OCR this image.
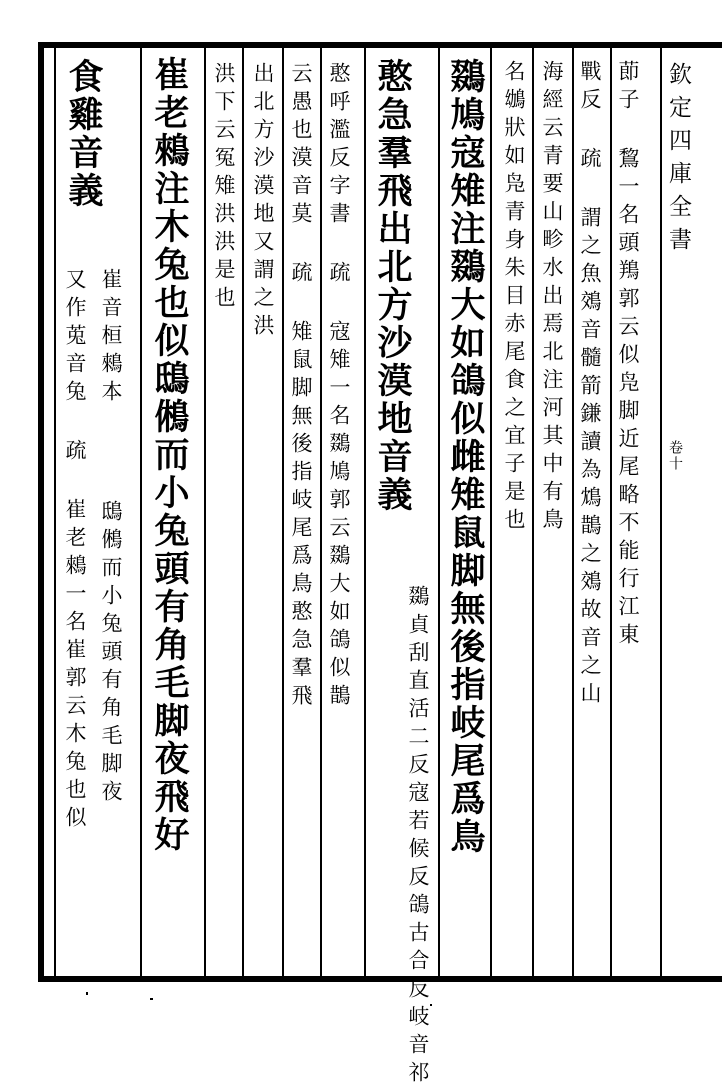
欽定四庫全書
卷十
莭子 鵹一名頭鴹郭云似凫脚近尾略不能行江東
戰反 疏 謂之魚鵁音髓箭鎌讀為鴆鵲之鵁故音之山
海經云青要山畛水出焉北注河其中有鳥
名鴢狀如凫青身朱目赤尾食之宜子是也
鵽鳩寇雉注鵽大如鴿似雌雉鼠脚無後指岐尾爲鳥
憨急羣飛出北方沙漠地音義
鵽貞刮直活二反寇若候反鴿古合反岐音祁
憨呼濫反字書 疏 寇雉一名鵽鳩郭云鵽大如鴿似鵲
云愚也漠音莫 疏 雉鼠脚無後指岐尾爲鳥憨急羣飛
出北方沙漠地又謂之洪
洪下云冤雉洪洪是也
崔老鶆注木兔也似鴟鵂而小兔頭有角毛脚夜飛好
崔音桓鶆本
又作莵音兔 疏 崔老鶆一名崔郭云木兔也似 鴟鵂而小兔頭有角毛脚夜
食雞音義
